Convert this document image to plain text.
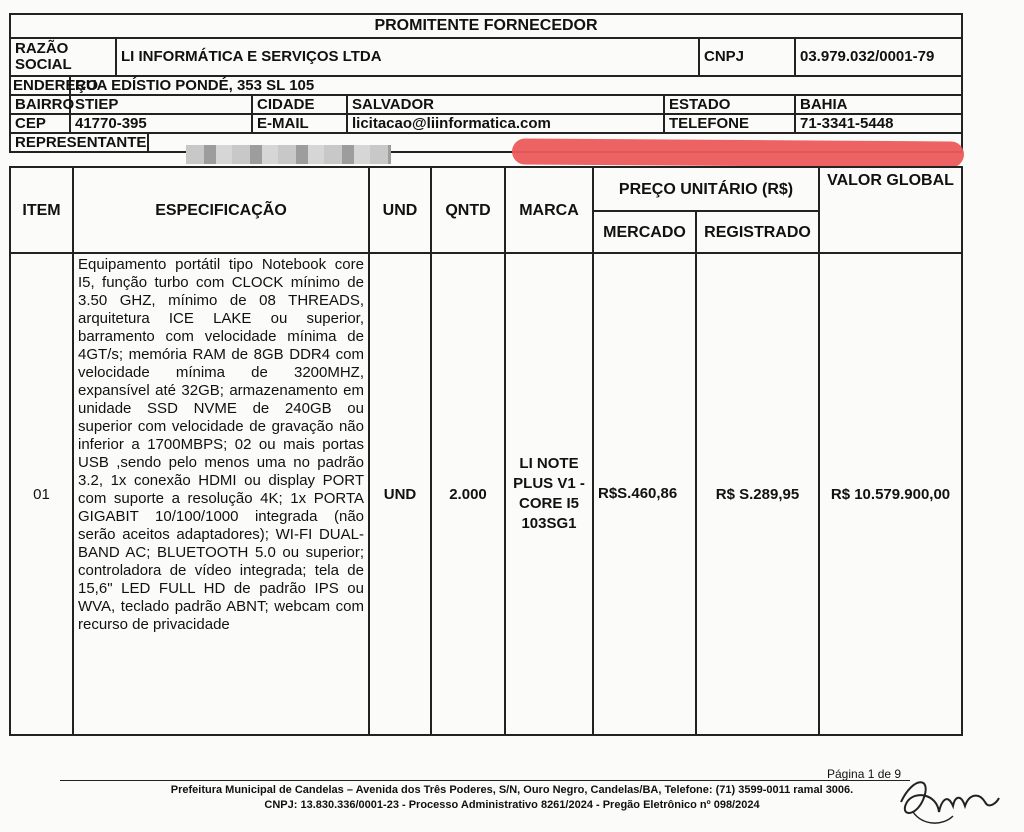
PROMITENTE FORNECEDOR								
RAZÃO SOCIAL		LI INFORMÁTICA E SERVIÇOS LTDA					CNPJ	03.979.032/0001-79
ENDEREÇO	RUA EDÍSTIO PONDÉ, 353 SL 105							
BAIRRO	STIEP			CIDADE	SALVADOR	ESTADO		BAHIA
CEP	41770-395			E-MAIL	licitacao@liinformatica.com	TELEFONE		71-3341-5448
REPRESENTANTE								
ITEM	ESPECIFICAÇÃO	UND	QNTD	MARCA	PREÇO UNITÁRIO (R$)		VALOR GLOBAL
					MERCADO	REGISTRADO	
01	Equipamento portátil tipo Notebook core I5, função turbo com CLOCK mínimo de 3.50 GHZ, mínimo de 08 THREADS, arquitetura ICE LAKE ou superior, barramento com velocidade mínima de 4GT/s; memória RAM de 8GB DDR4 com velocidade mínima de 3200MHZ, expansível até 32GB; armazenamento em unidade SSD NVME de 240GB ou superior com velocidade de gravação não inferior a 1700MBPS; 02 ou mais portas USB ,sendo pelo menos uma no padrão 3.2, 1x conexão HDMI ou display PORT com suporte a resolução 4K; 1x PORTA GIGABIT 10/100/1000 integrada (não serão aceitos adaptadores); WI-FI DUAL-BAND AC; BLUETOOTH 5.0 ou superior; controladora de vídeo integrada; tela de 15,6" LED FULL HD de padrão IPS ou WVA, teclado padrão ABNT; webcam com recurso de privacidade	UND	2.000	LI NOTE PLUS V1 - CORE I5 103SG1	R$S.460,86	R$ S.289,95	R$ 10.579.900,00
Página 1 de 9
Prefeitura Municipal de Candelas – Avenida dos Três Poderes, S/N, Ouro Negro, Candelas/BA, Telefone: (71) 3599-0011 ramal 3006.
CNPJ: 13.830.336/0001-23 - Processo Administrativo 8261/2024 - Pregão Eletrônico nº 098/2024
